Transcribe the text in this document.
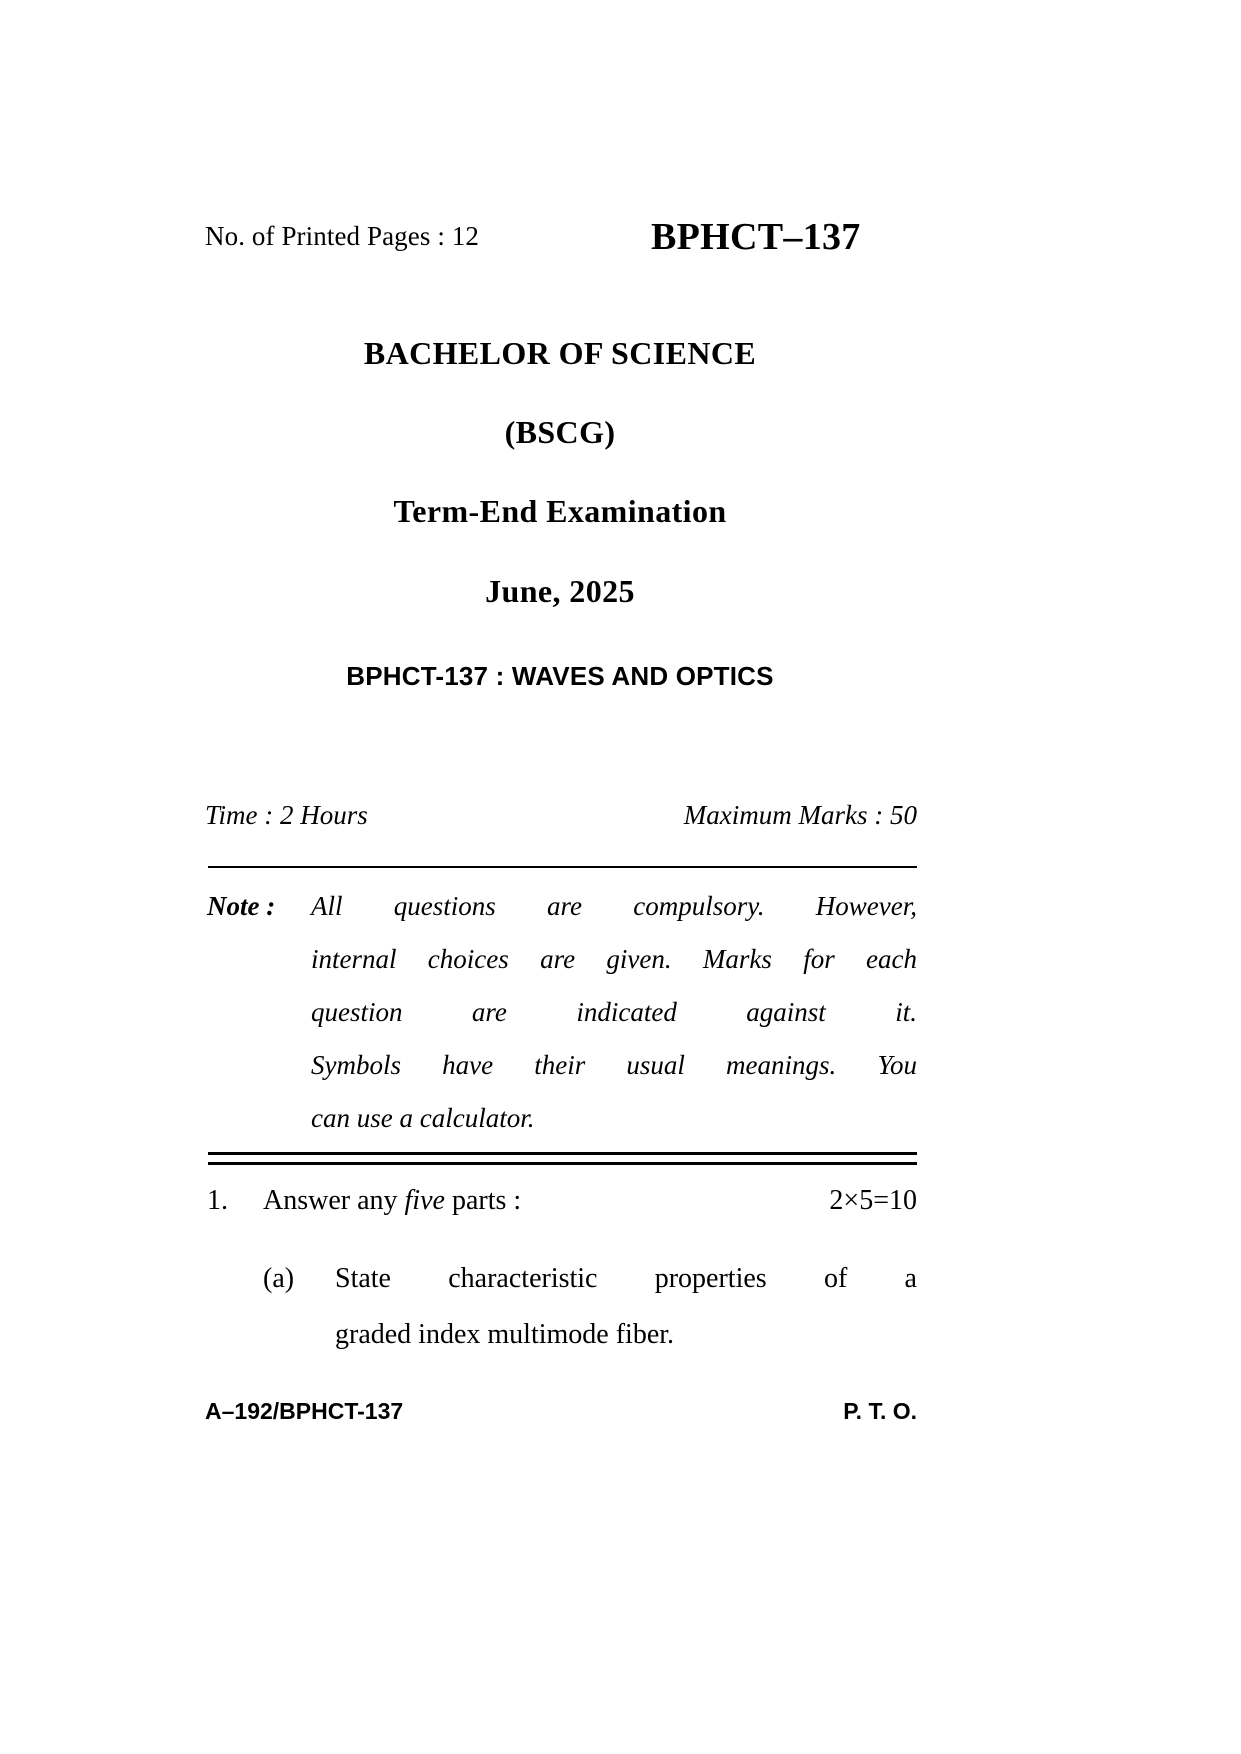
No. of Printed Pages : 12	BPHCT–137
BACHELOR OF SCIENCE
(BSCG)
Term-End Examination
June, 2025
BPHCT-137 : WAVES AND OPTICS
Time : 2 Hours	Maximum Marks : 50
Note : All questions are compulsory. However,
internal choices are given. Marks for each
question	are	indicated	against	it.
Symbols have their usual meanings. You
can use a calculator.
1. Answer any five parts :	2×5=10
(a) State characteristic properties of a
graded index multimode fiber.
A–192/BPHCT-137	P. T. O.
